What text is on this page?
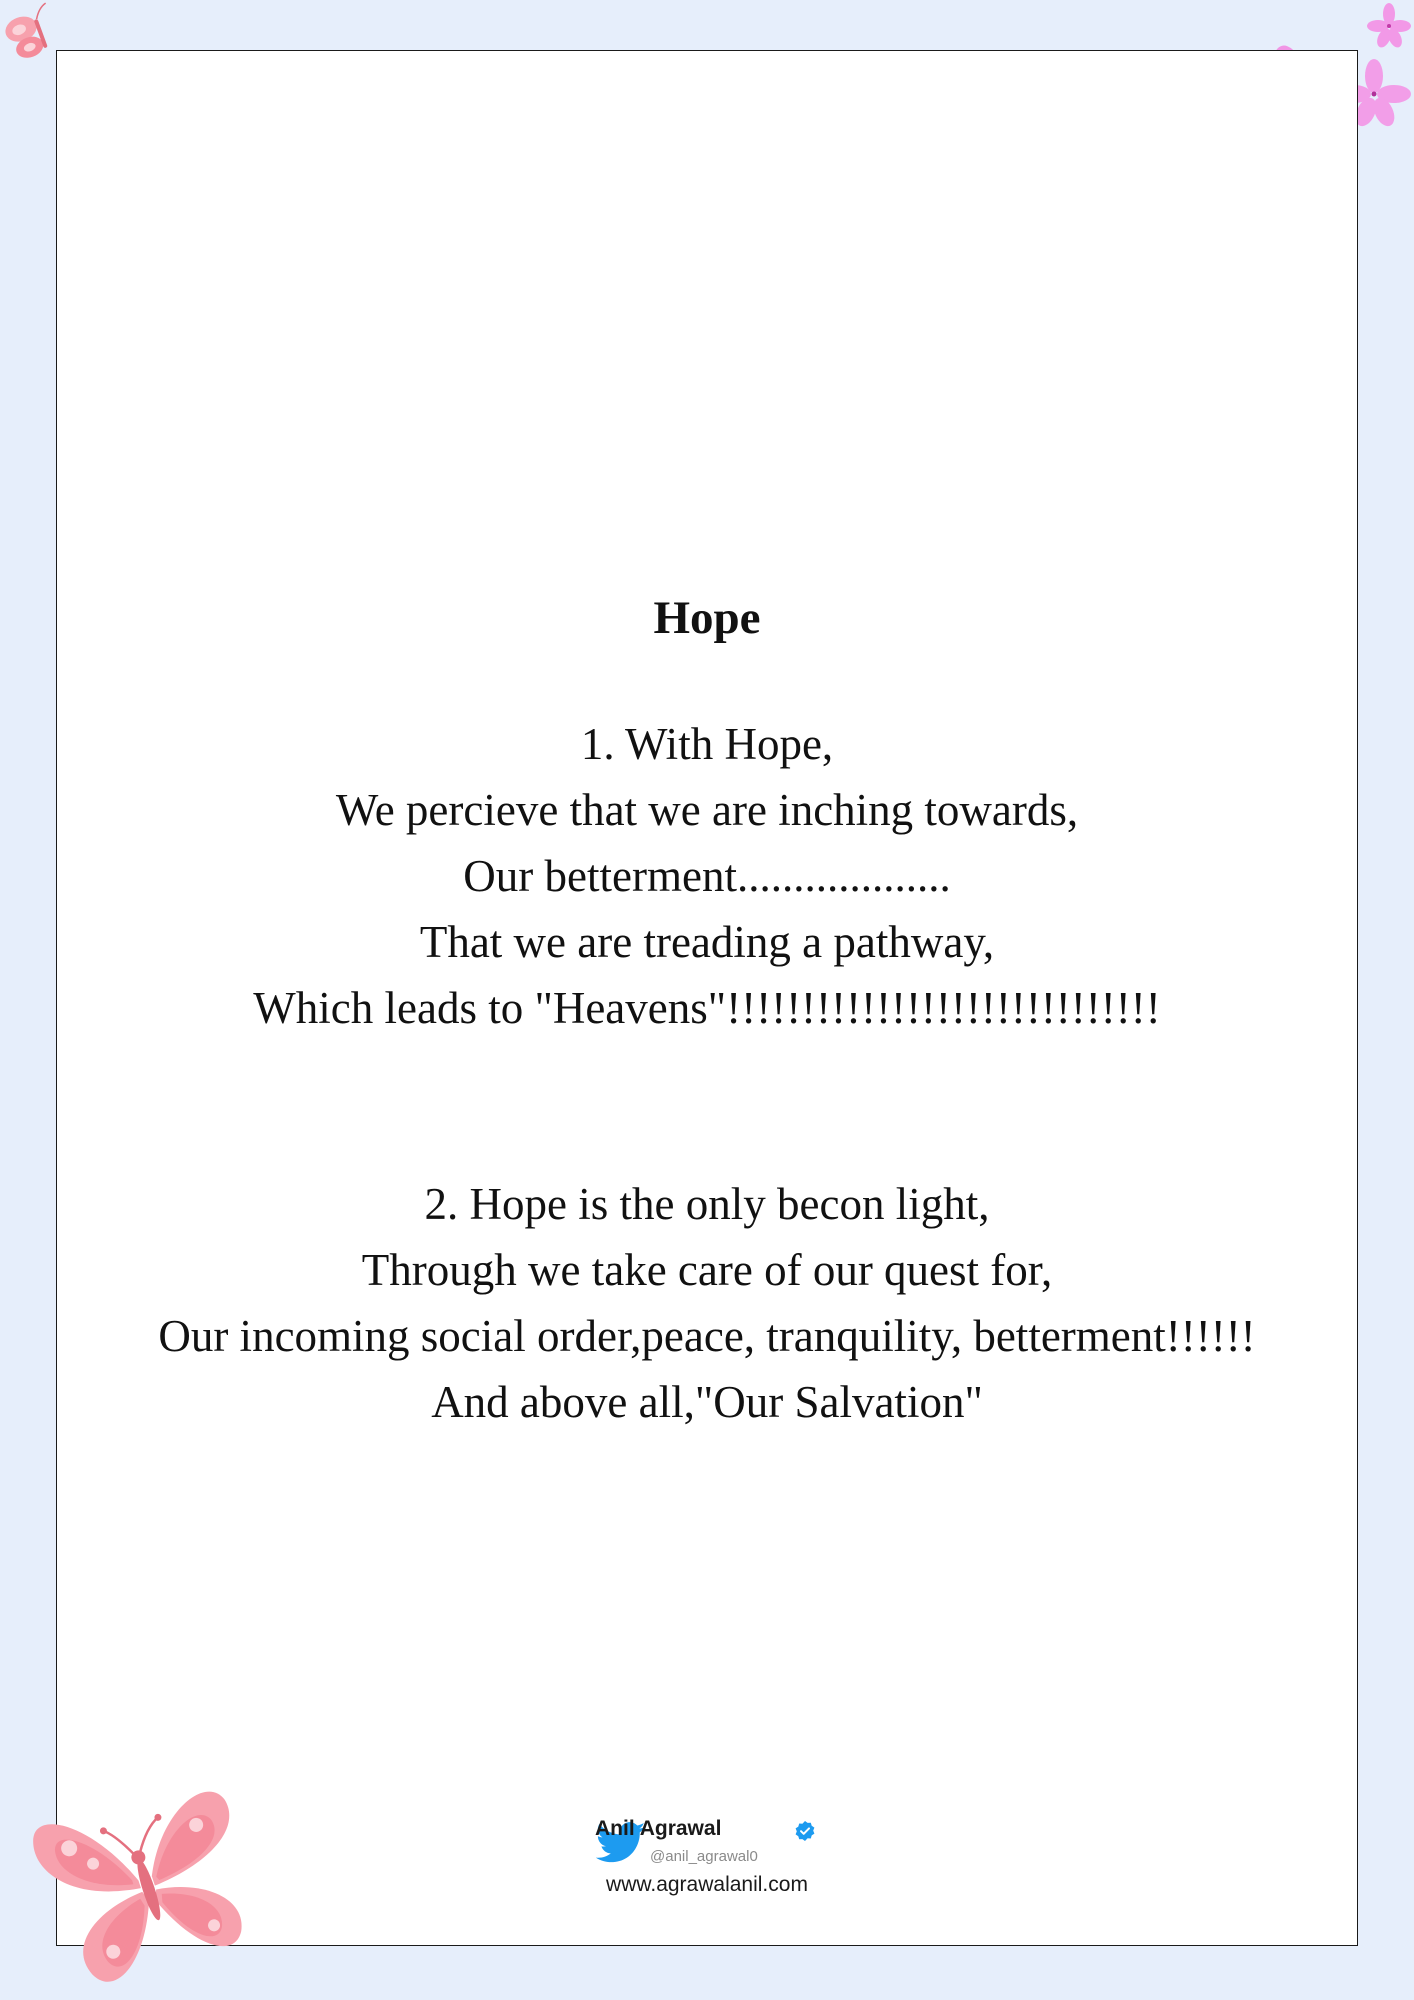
Hope
1. With Hope,
We percieve that we are inching towards,
Our betterment...................
That we are treading a pathway,
Which leads to "Heavens"!!!!!!!!!!!!!!!!!!!!!!!!!!!!!
2. Hope is the only becon light,
Through we take care of our quest for,
Our incoming social order,peace, tranquility, betterment!!!!!!
And above all,"Our Salvation"
Anil Agrawal
@anil_agrawal0
www.agrawalanil.com
